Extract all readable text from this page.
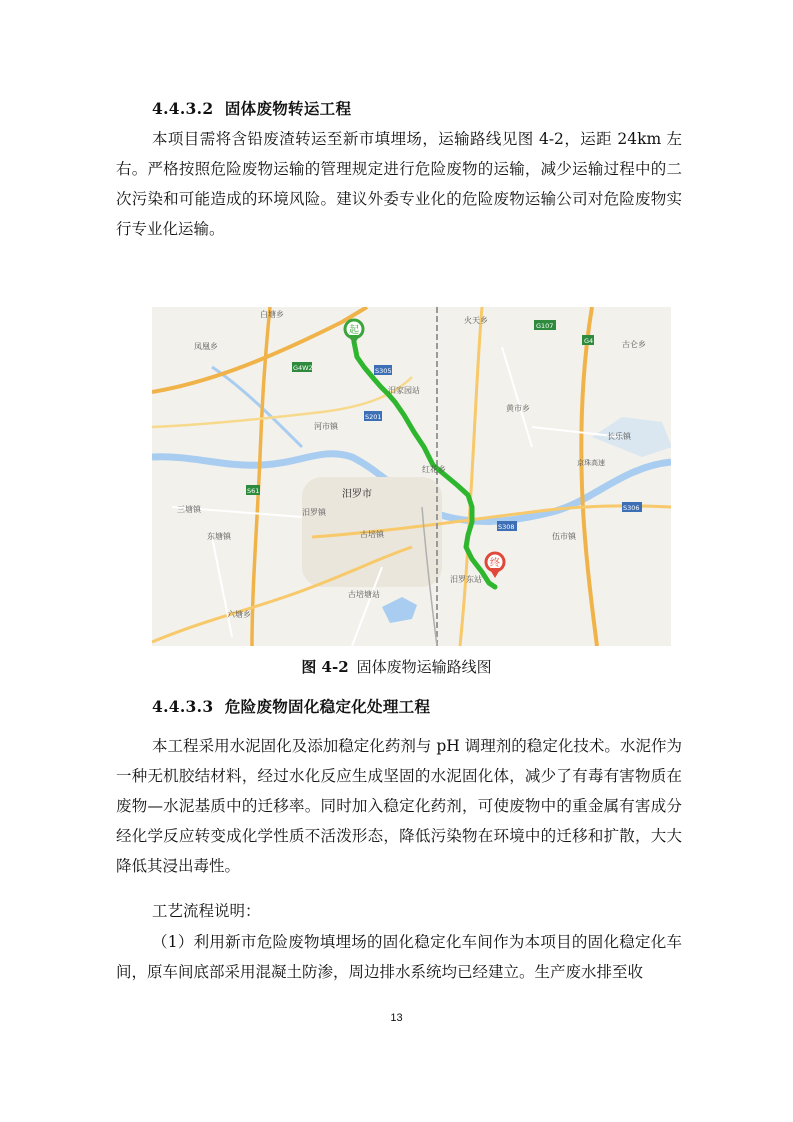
4.4.3.2 固体废物转运工程

本项目需将含铅废渣转运至新市填埋场，运输路线见图 4-2，运距 24km 左右。严格按照危险废物运输的管理规定进行危险废物的运输，减少运输过程中的二次污染和可能造成的环境风险。建议外委专业化的危险废物运输公司对危险废物实行专业化运输。

起
终
白塘乡
凤凰乡
火天乡
古仑乡
黄市乡
长乐镇
河市镇
红花乡
京珠高速
三塘镇	汨罗镇
汨罗市
东塘镇	古培镇	伍市镇
六塘乡
汨罗东站
古培塘站
汨家园站
G107
G4
G4W2	S305
S201
S61
S308
S306
图 4-2 固体废物运输路线图
4.4.3.3 危险废物固化稳定化处理工程

本工程采用水泥固化及添加稳定化药剂与 pH 调理剂的稳定化技术。水泥作为一种无机胶结材料，经过水化反应生成坚固的水泥固化体，减少了有毒有害物质在废物—水泥基质中的迁移率。同时加入稳定化药剂，可使废物中的重金属有害成分经化学反应转变成化学性质不活泼形态，降低污染物在环境中的迁移和扩散，大大降低其浸出毒性。

工艺流程说明：

（1）利用新市危险废物填埋场的固化稳定化车间作为本项目的固化稳定化车间，原车间底部采用混凝土防渗，周边排水系统均已经建立。生产废水排至收

13
